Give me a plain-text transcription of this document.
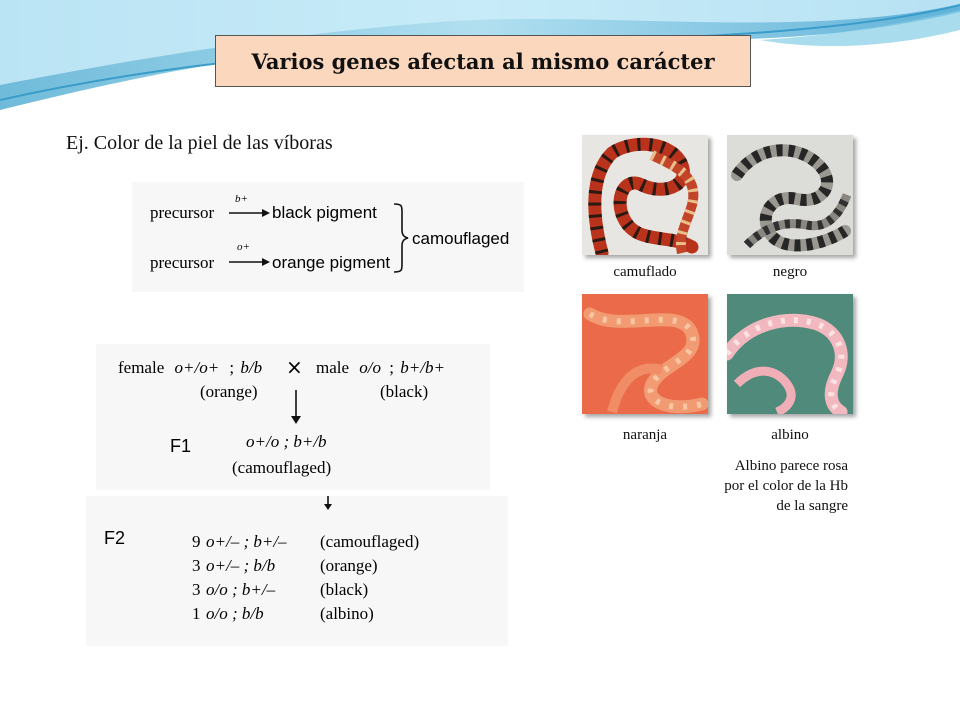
Varios genes afectan al mismo carácter
Ej. Color de la piel de las víboras
precursor
b+
black pigment
precursor
o+
orange pigment
camouflaged
female o+/o+ ; b/b × male o/o ; b+/b+
(orange)	(black)
F1	o+/o ; b+/b
(camouflaged)
F2	9 o+/– ; b+/– (camouflaged)
3 o+/– ; b/b	(orange)
3 o/o ; b+/–	(black)
1 o/o ; b/b	(albino)
camuflado	negro
naranja	albino
Albino parece rosa
por el color de la Hb
de la sangre
